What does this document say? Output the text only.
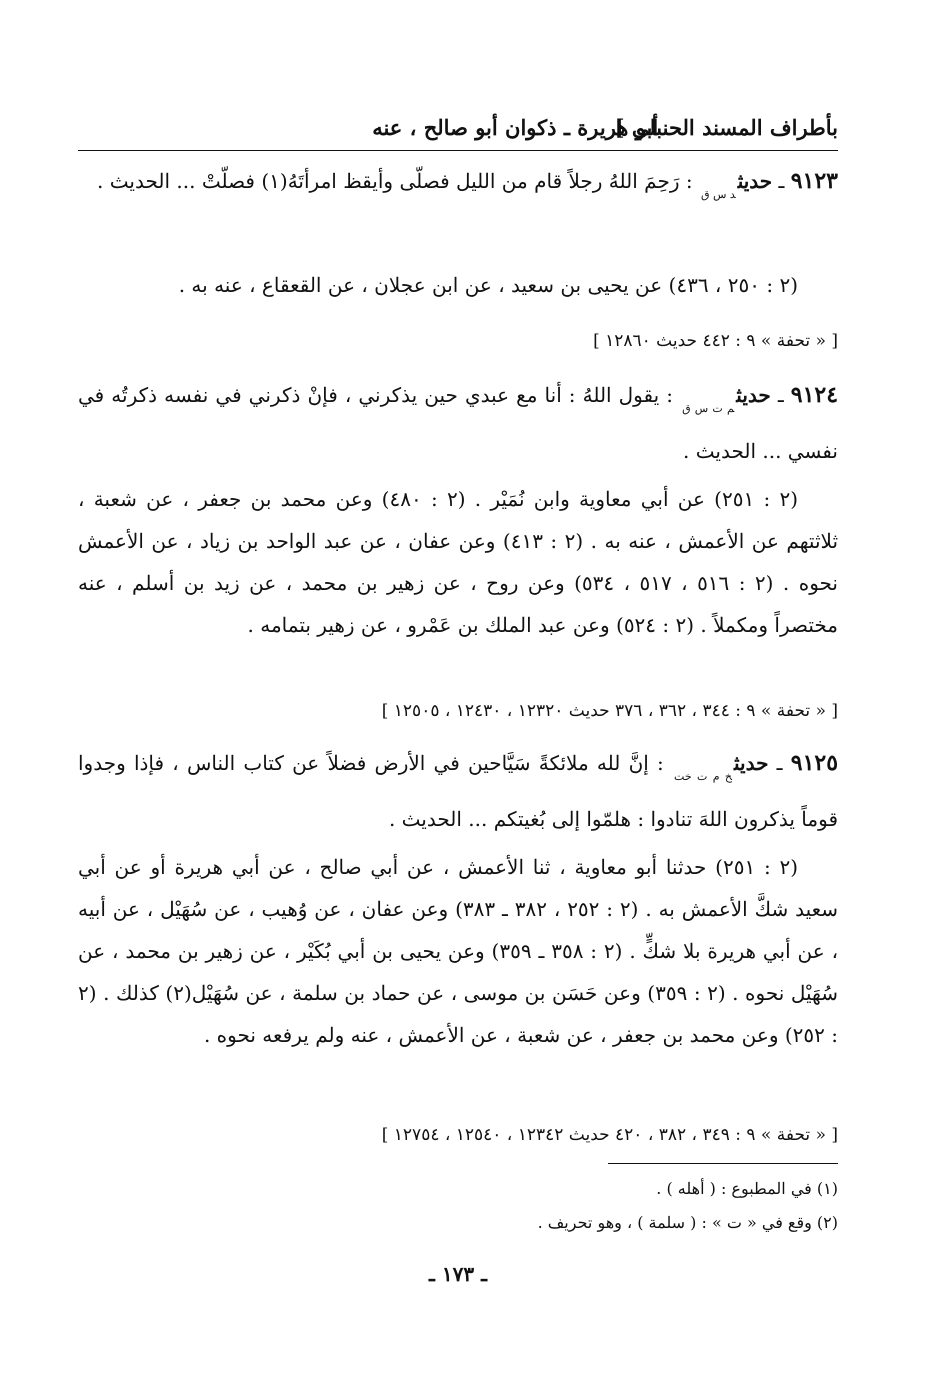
بأطراف المسند الحنبلي ]
أبو هريرة ـ ذكوان أبو صالح ، عنه
٩١٢٣ ـ حديث$_{د س ق}$ : رَحِمَ اللهُ رجلاً قام من الليل فصلّى وأيقظ امرأتَهُ(١) فصلّتْ ... الحديث .
(٢ : ٢٥٠ ، ٤٣٦) عن يحيى بن سعيد ، عن ابن عجلان ، عن القعقاع ، عنه به .
[ « تحفة » ٩ : ٤٤٢ حديث ١٢٨٦٠ ]
٩١٢٤ ـ حديث$_{م ت س ق}$ : يقول اللهُ : أنا مع عبدي حين يذكرني ، فإنْ ذكرني في نفسه ذكرتُه في نفسي ... الحديث .
(٢ : ٢٥١) عن أبي معاوية وابن نُمَيْر . (٢ : ٤٨٠) وعن محمد بن جعفر ، عن شعبة ، ثلاثتهم عن الأعمش ، عنه به . (٢ : ٤١٣) وعن عفان ، عن عبد الواحد بن زياد ، عن الأعمش نحوه . (٢ : ٥١٦ ، ٥١٧ ، ٥٣٤) وعن روح ، عن زهير بن محمد ، عن زيد بن أسلم ، عنه مختصراً ومكملاً . (٢ : ٥٢٤) وعن عبد الملك بن عَمْرو ، عن زهير بتمامه .
[ « تحفة » ٩ : ٣٤٤ ، ٣٦٢ ، ٣٧٦ حديث ١٢٣٢٠ ، ١٢٤٣٠ ، ١٢٥٠٥ ]
٩١٢٥ ـ حديث$_{خ م ت خت}$ : إنَّ لله ملائكةً سَيَّاحين في الأرض فضلاً عن كتاب الناس ، فإذا وجدوا قوماً يذكرون اللهَ تنادوا : هلمّوا إلى بُغيتكم ... الحديث .
(٢ : ٢٥١) حدثنا أبو معاوية ، ثنا الأعمش ، عن أبي صالح ، عن أبي هريرة أو عن أبي سعيد شكَّ الأعمش به . (٢ : ٢٥٢ ، ٣٨٢ ـ ٣٨٣) وعن عفان ، عن وُهيب ، عن سُهَيْل ، عن أبيه ، عن أبي هريرة بلا شكٍّ . (٢ : ٣٥٨ ـ ٣٥٩) وعن يحيى بن أبي بُكَيْر ، عن زهير بن محمد ، عن سُهَيْل نحوه . (٢ : ٣٥٩) وعن حَسَن بن موسى ، عن حماد بن سلمة ، عن سُهَيْل(٢) كذلك . (٢ : ٢٥٢) وعن محمد بن جعفر ، عن شعبة ، عن الأعمش ، عنه ولم يرفعه نحوه .
[ « تحفة » ٩ : ٣٤٩ ، ٣٨٢ ، ٤٢٠ حديث ١٢٣٤٢ ، ١٢٥٤٠ ، ١٢٧٥٤ ]
(١) في المطبوع : ( أهله ) .
(٢) وقع في « ت » : ( سلمة ) ، وهو تحريف .
ـ ١٧٣ ـ
